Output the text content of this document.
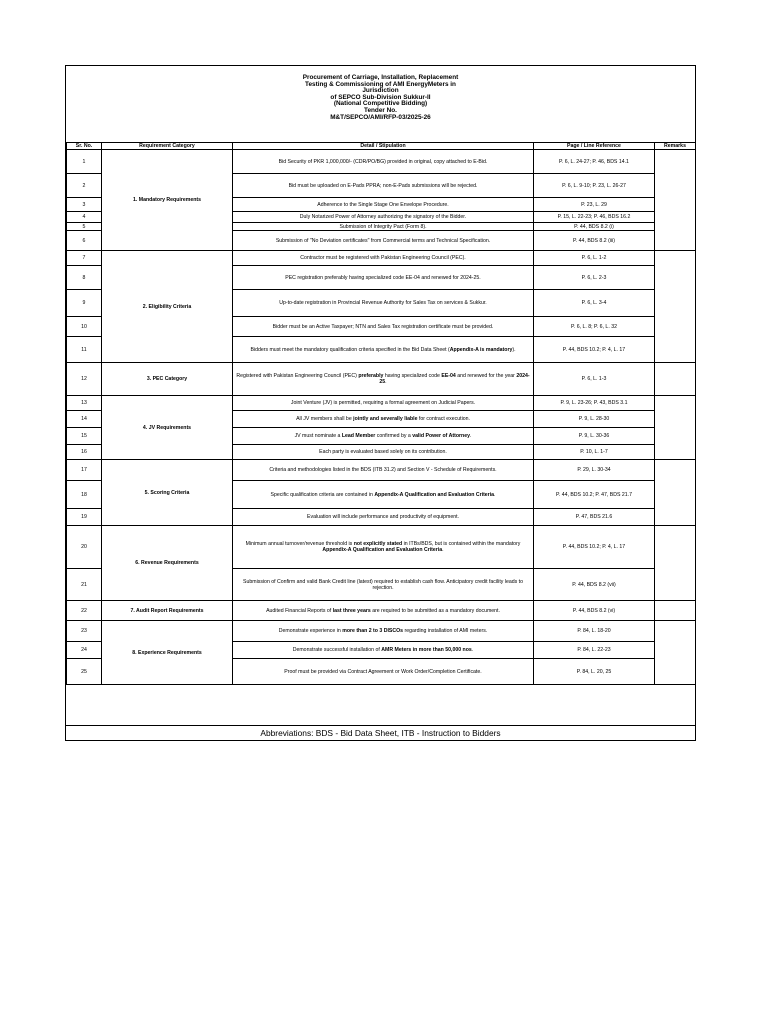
Procurement of Carriage, Installation, Replacement
Testing & Commissioning of AMI EnergyMeters in
Jurisdiction
of SEPCO Sub-Division Sukkur-II
(National Competitive Bidding)
Tender No.
M&T/SEPCO/AMI/RFP-03/2025-26
Sr. No.	Requirement Category	Detail / Stipulation	Page / Line Reference	Remarks
1	1. Mandatory Requirements	Bid Security of PKR 1,000,000/- (CDR/PO/BG) provided in original, copy attached to E-Bid.	P. 6, L. 24-27; P. 46, BDS 14.1	
2		Bid must be uploaded on E-Pads PPRA; non-E-Pads submissions will be rejected.	P. 6, L. 9-10; P. 23, L. 26-27	
3		Adherence to the Single Stage One Envelope Procedure.	P. 23, L. 29	
4		Duly Notarized Power of Attorney authorizing the signatory of the Bidder.	P. 15, L. 22-23; P. 46, BDS 16.2	
5		Submission of Integrity Pact (Form 8).	P. 44, BDS 8.2 (i)	
6		Submission of "No Deviation certificates" from Commercial terms and Technical Specification.	P. 44, BDS 8.2 (iii)	
7	2. Eligibility Criteria	Contractor must be registered with Pakistan Engineering Council (PEC).	P. 6, L. 1-2	
8		PEC registration preferably having specialized code EE-04 and renewed for 2024-25.	P. 6, L. 2-3	
9		Up-to-date registration in Provincial Revenue Authority for Sales Tax on services & Sukkur.	P. 6, L. 3-4	
10		Bidder must be an Active Taxpayer; NTN and Sales Tax registration certificate must be provided.	P. 6, L. 8; P. 6, L. 32	
11		Bidders must meet the mandatory qualification criteria specified in the Bid Data Sheet (Appendix-A is mandatory).	P. 44, BDS 10.2; P. 4, L. 17	
12	3. PEC Category	Registered with Pakistan Engineering Council (PEC) preferably having specialized code EE-04 and renewed for the year 2024-25.	P. 6, L. 1-3	
13	4. JV Requirements	Joint Venture (JV) is permitted, requiring a formal agreement on Judicial Papers.	P. 9, L. 23-26; P. 43, BDS 3.1	
14		All JV members shall be jointly and severally liable for contract execution.	P. 9, L. 28-30	
15		JV must nominate a Lead Member confirmed by a valid Power of Attorney.	P. 9, L. 30-36	
16		Each party is evaluated based solely on its contribution.	P. 10, L. 1-7	
17	5. Scoring Criteria	Criteria and methodologies listed in the BDS (ITB 31.2) and Section V - Schedule of Requirements.	P. 29, L. 30-34	
18		Specific qualification criteria are contained in Appendix-A Qualification and Evaluation Criteria.	P. 44, BDS 10.2; P. 47, BDS 21.7	
19		Evaluation will include performance and productivity of equipment.	P. 47, BDS 21.6	
20	6. Revenue Requirements	Minimum annual turnover/revenue threshold is not explicitly stated in ITBs/BDS, but is contained within the mandatory Appendix-A Qualification and Evaluation Criteria.	P. 44, BDS 10.2; P. 4, L. 17	
21		Submission of Confirm and valid Bank Credit line (latest) required to establish cash flow. Anticipatory credit facility leads to rejection.	P. 44, BDS 8.2 (vii)	
22	7. Audit Report Requirements	Audited Financial Reports of last three years are required to be submitted as a mandatory document.	P. 44, BDS 8.2 (vi)	
23	8. Experience Requirements	Demonstrate experience in more than 2 to 3 DISCOs regarding installation of AMI meters.	P. 84, L. 18-20	
24		Demonstrate successful installation of AMR Meters in more than 50,000 nos.	P. 84, L. 22-23	
25		Proof must be provided via Contract Agreement or Work Order/Completion Certificate.	P. 84, L. 20, 25	
Abbreviations: BDS - Bid Data Sheet, ITB - Instruction to Bidders
